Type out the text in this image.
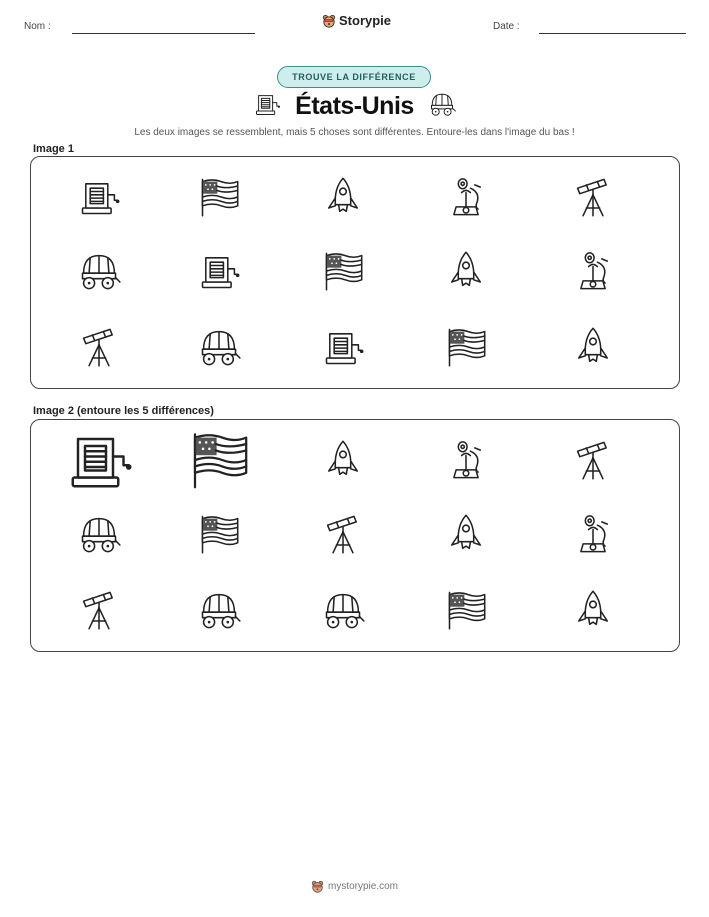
Nom :	Storypie	Date :
TROUVE LA DIFFÉRENCE
États-Unis
Les deux images se ressemblent, mais 5 choses sont différentes. Entoure-les dans l'image du bas !
Image 1
Image 2 (entoure les 5 différences)
mystorypie.com
